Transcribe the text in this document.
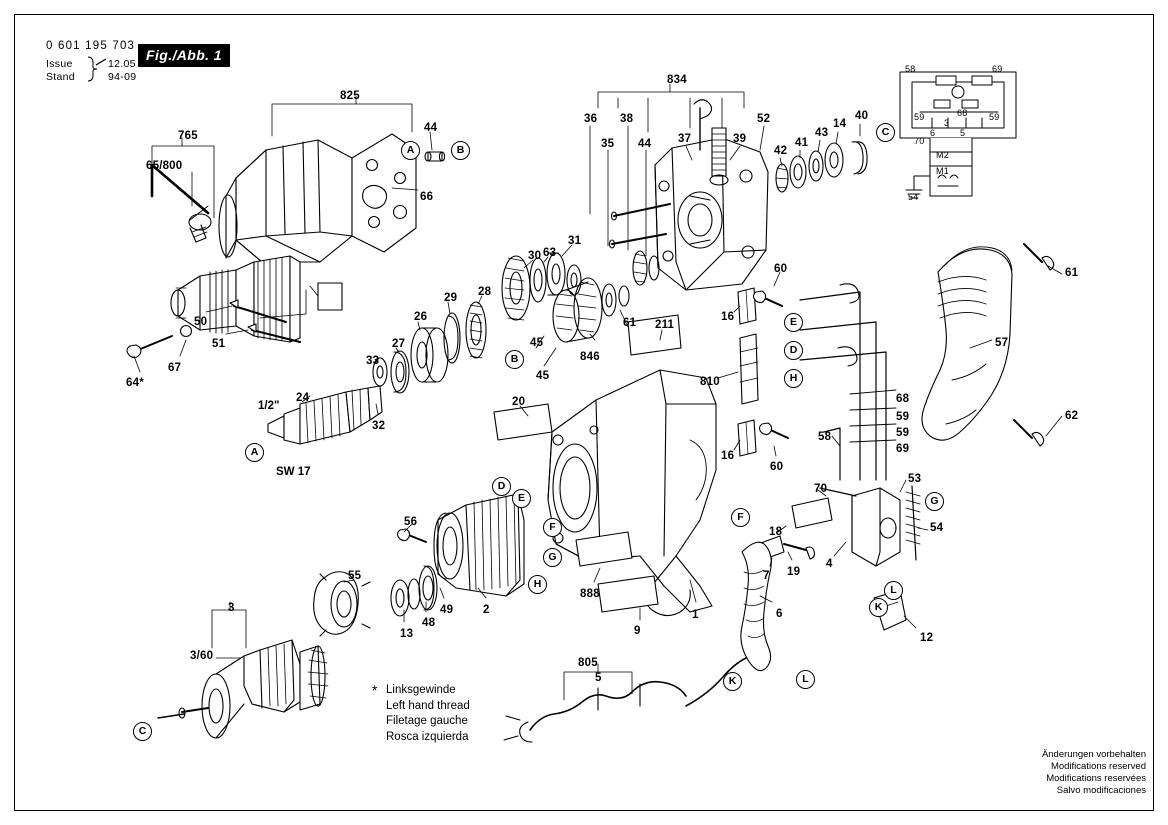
0 601 195 703
Issue
Stand
12.05
94-09
Fig./Abb. 1
58	69
59	68 59
3
6	5
70
M2
M1
54
1/2"
SW 17
* Linksgewinde
Left hand thread
Filetage gauche
Rosca izquierda
Änderungen vorbehalten
Modifications reserved
Modifications reservées
Salvo modificaciones
765
65/800
825
44
66
50
51
67
64*
33
27
26
29 28
30 63
31
45
45
846
61 211
24
32
20
56
55
3
3/60
13
48
49	2
888
9
1	6
805
5
36
35
38
44
834
37	39
52
42
41
43
14
40
16
60
810
16
60
58
68
59
59
69
61
57
62
53
54
70
18
19
7
4
12
A	B
B
A
C
C
D
E
H
D
E
F
G
H
F
G
K
L
K	L
